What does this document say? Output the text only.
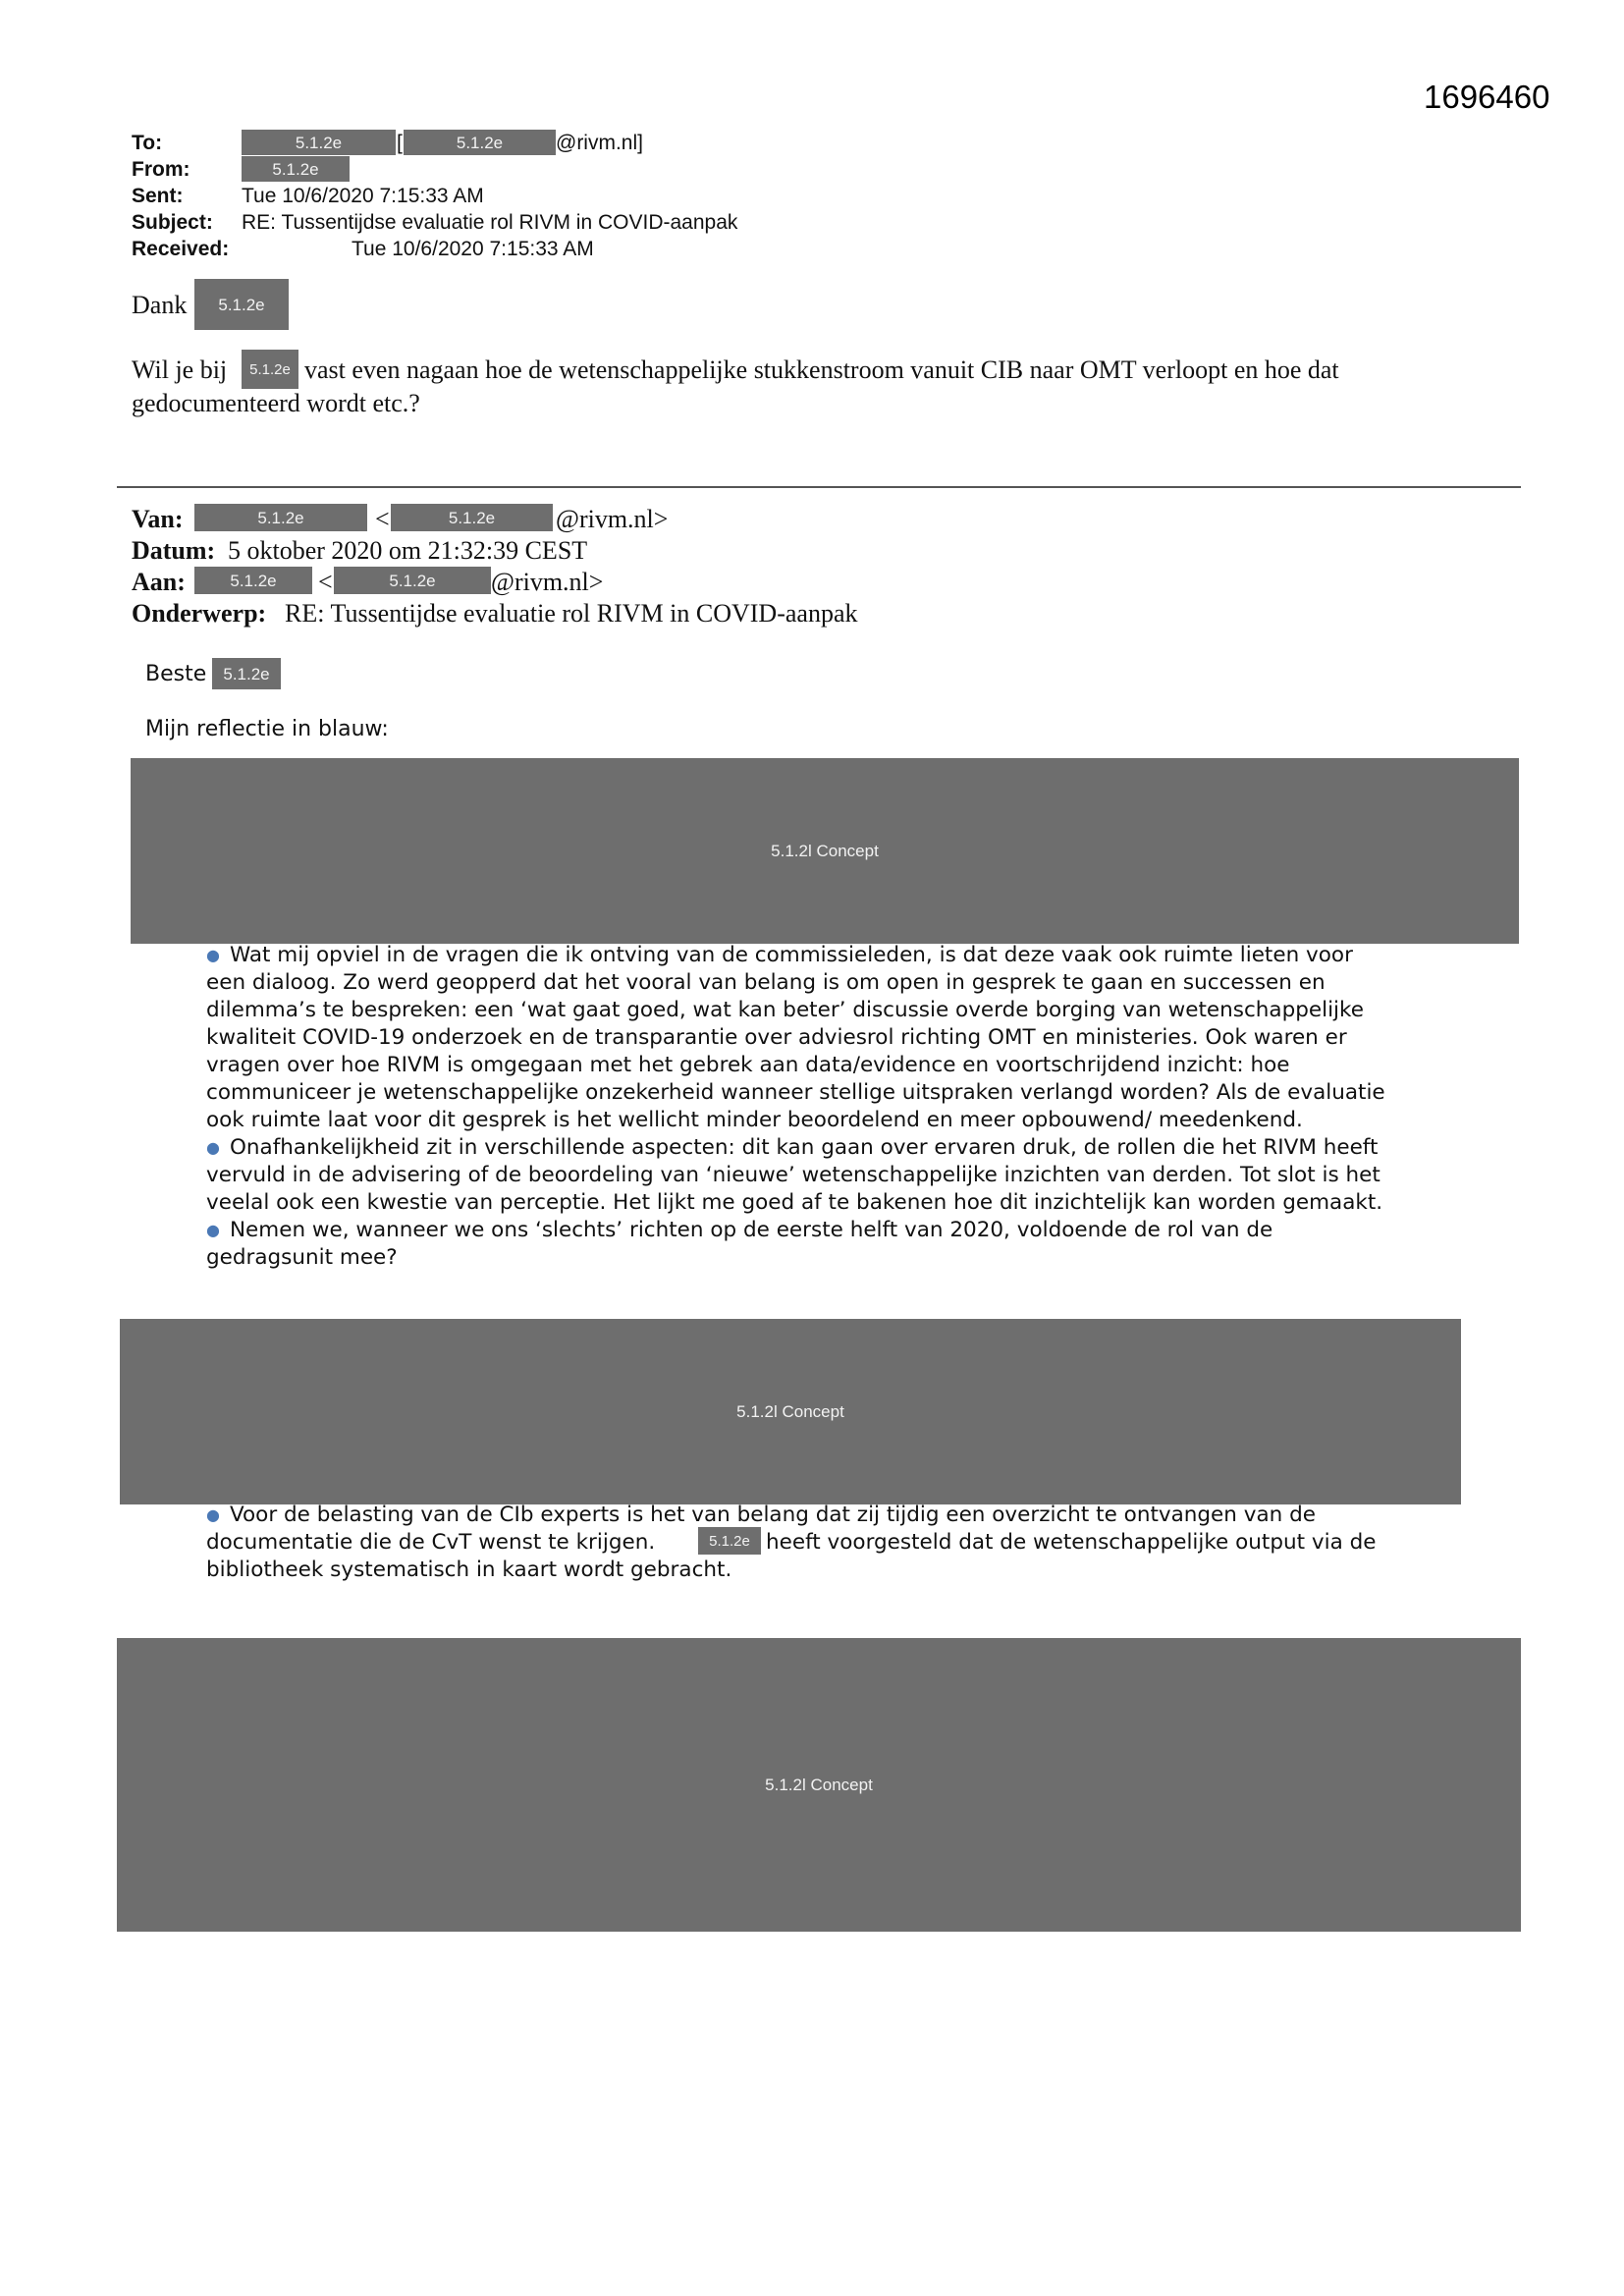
1696460
To:	5.1.2e	[	5.1.2e	@rivm.nl]
From:	5.1.2e
Sent:	Tue 10/6/2020 7:15:33 AM
Subject: RE: Tussentijdse evaluatie rol RIVM in COVID-aanpak
Received:	Tue 10/6/2020 7:15:33 AM
Dank	5.1.2e
Wil je bij	5.1.2e vast even nagaan hoe de wetenschappelijke stukkenstroom vanuit CIB naar OMT verloopt en hoe dat
gedocumenteerd wordt etc.?
Van:	5.1.2e	<	5.1.2e	@rivm.nl>
Datum: 5 oktober 2020 om 21:32:39 CEST
Aan:	5.1.2e	<	5.1.2e	@rivm.nl>
Onderwerp: RE: Tussentijdse evaluatie rol RIVM in COVID-aanpak
Beste	5.1.2e
Mijn reflectie in blauw:
5.1.2l Concept
● Wat mij opviel in de vragen die ik ontving van de commissieleden, is dat deze vaak ook ruimte lieten voor
een dialoog. Zo werd geopperd dat het vooral van belang is om open in gesprek te gaan en successen en
dilemma’s te bespreken: een ‘wat gaat goed, wat kan beter’ discussie overde borging van wetenschappelijke
kwaliteit COVID-19 onderzoek en de transparantie over adviesrol richting OMT en ministeries. Ook waren er
vragen over hoe RIVM is omgegaan met het gebrek aan data/evidence en voortschrijdend inzicht: hoe
communiceer je wetenschappelijke onzekerheid wanneer stellige uitspraken verlangd worden? Als de evaluatie
ook ruimte laat voor dit gesprek is het wellicht minder beoordelend en meer opbouwend/ meedenkend.
● Onafhankelijkheid zit in verschillende aspecten: dit kan gaan over ervaren druk, de rollen die het RIVM heeft
vervuld in de advisering of de beoordeling van ‘nieuwe’ wetenschappelijke inzichten van derden. Tot slot is het
veelal ook een kwestie van perceptie. Het lijkt me goed af te bakenen hoe dit inzichtelijk kan worden gemaakt.
● Nemen we, wanneer we ons ‘slechts’ richten op de eerste helft van 2020, voldoende de rol van de
gedragsunit mee?
5.1.2l Concept
● Voor de belasting van de CIb experts is het van belang dat zij tijdig een overzicht te ontvangen van de
documentatie die de CvT wenst te krijgen.	5.1.2e heeft voorgesteld dat de wetenschappelijke output via de
bibliotheek systematisch in kaart wordt gebracht.
5.1.2l Concept
